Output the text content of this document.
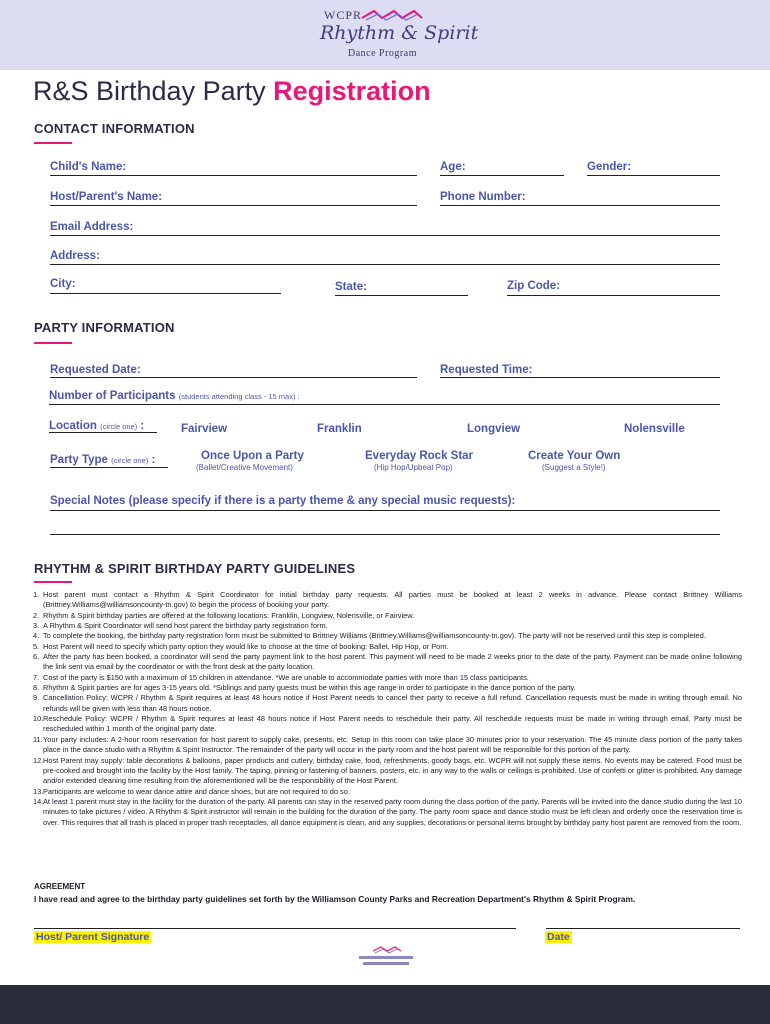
WCPR
Rhythm & Spirit
Dance Program
R&S Birthday Party Registration
CONTACT INFORMATION
Child's Name:	Age:	Gender:
Host/Parent's Name:	Phone Number:
Email Address:
Address:
City:	State:	Zip Code:
PARTY INFORMATION
Requested Date:	Requested Time:
Number of Participants (students attending class - 15 max) :
Location (circle one) :	Fairview	Franklin	Longview	Nolensville
Party Type (circle one) :	Once Upon a Party
(Ballet/Creative Movement)
Everyday Rock Star
(Hip Hop/Upbeat Pop)
Create Your Own
(Suggest a Style!)
Special Notes (please specify if there is a party theme & any special music requests):
RHYTHM & SPIRIT BIRTHDAY PARTY GUIDELINES
1. Host parent must contact a Rhythm & Spirit Coordinator for initial birthday party requests. All parties must be booked at least 2 weeks in advance. Please contact Brittney Williams (Brittney.Williams@williamsoncounty-tn.gov) to begin the process of booking your party.
2. Rhythm & Spirit birthday parties are offered at the following locations: Franklin, Longview, Nolensville, or Fairview.
3. A Rhythm & Spirit Coordinator will send host parent the birthday party registration form.
4. To complete the booking, the birthday party registration form must be submitted to Brittney Williams (Brittney.Williams@williamsoncounty-tn.gov). The party will not be reserved until this step is completed.
5. Host Parent will need to specify which party option they would like to choose at the time of booking: Ballet, Hip Hop, or Pom.
6. After the party has been booked, a coordinator will send the party payment link to the host parent. This payment will need to be made 2 weeks prior to the date of the party. Payment can be made online following the link sent via email by the coordinator or with the front desk at the party location.
7. Cost of the party is $150 with a maximum of 15 children in attendance. *We are unable to accommodate parties with more than 15 class participants.
8. Rhythm & Spirit parties are for ages 3-15 years old. *Siblings and party guests must be within this age range in order to participate in the dance portion of the party.
9. Cancellation Policy: WCPR / Rhythm & Spirit requires at least 48 hours notice if Host Parent needs to cancel their party to receive a full refund. Cancellation requests must be made in writing through email. No refunds will be given with less than 48 hours notice.
10. Reschedule Policy: WCPR / Rhythm & Spirit requires at least 48 hours notice if Host Parent needs to reschedule their party. All reschedule requests must be made in writing through email. Party must be rescheduled within 1 month of the original party date.
11. Your party includes: A 2-hour room reservation for host parent to supply cake, presents, etc. Setup in this room can take place 30 minutes prior to your reservation. The 45 minute class portion of the party takes place in the dance studio with a Rhythm & Spirit Instructor. The remainder of the party will occur in the party room and the host parent will be responsible for this portion of the party.
12. Host Parent may supply: table decorations & balloons, paper products and cutlery, birthday cake, food, refreshments, goody bags, etc. WCPR will not supply these items. No events may be catered. Food must be pre-cooked and brought into the facility by the Host family. The taping, pinning or fastening of banners, posters, etc. in any way to the walls or ceilings is prohibited. Use of confetti or glitter is prohibited. Any damage and/or extended cleaning time resulting from the aforementioned will be the responsibility of the Host Parent.
13. Participants are welcome to wear dance attire and dance shoes, but are not required to do so.
14. At least 1 parent must stay in the facility for the duration of the party. All parents can stay in the reserved party room during the class portion of the party. Parents will be invited into the dance studio during the last 10 minutes to take pictures / video. A Rhythm & Spirit instructor will remain in the building for the duration of the party. The party room space and dance studio must be left clean and orderly once the reservation time is over. This requires that all trash is placed in proper trash receptacles, all dance equipment is clean, and any supplies, decorations or personal items brought by birthday party host parent are removed from the room.
AGREEMENT
I have read and agree to the birthday party guidelines set forth by the Williamson County Parks and Recreation Department's Rhythm & Spirit Program.
Host/ Parent Signature	Date
